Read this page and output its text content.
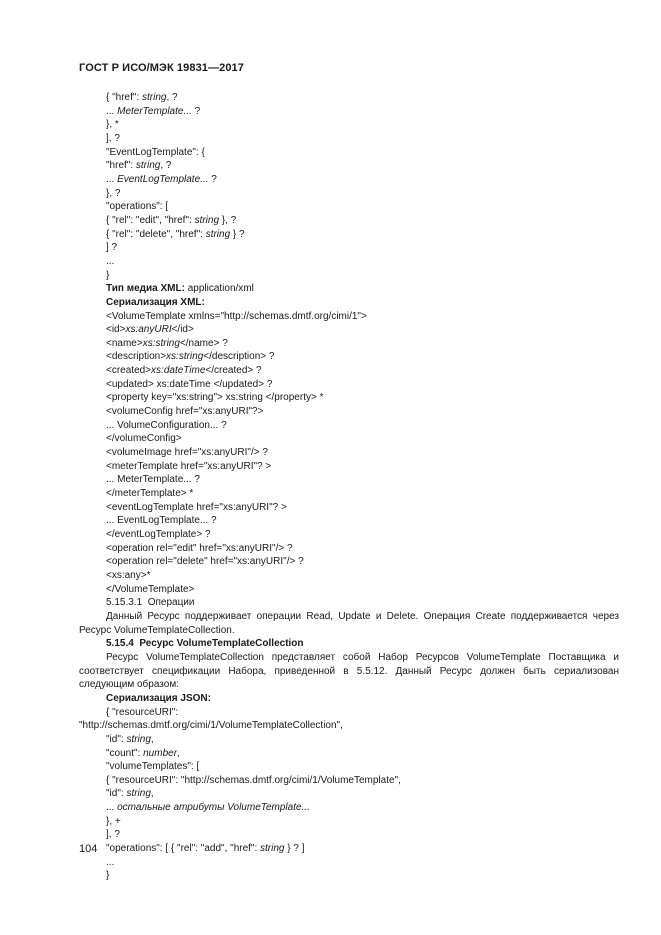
ГОСТ Р ИСО/МЭК 19831—2017
{ "href": string, ?
... MeterTemplate... ?
}, *
], ?
"EventLogTemplate": {
"href": string, ?
... EventLogTemplate... ?
}, ?
"operations": [
{ "rel": "edit", "href": string }, ?
{ "rel": "delete", "href": string } ?
] ?
...
}
Тип медиа XML: application/xml
Сериализация XML:
<VolumeTemplate xmlns="http://schemas.dmtf.org/cimi/1">
<id>xs:anyURI</id>
<name>xs:string</name> ?
<description>xs:string</description> ?
<created>xs:dateTime</created> ?
<updated> xs:dateTime </updated> ?
<property key="xs:string"> xs:string </property> *
<volumeConfig href="xs:anyURI"?>
... VolumeConfiguration... ?
</volumeConfig>
<volumeImage href="xs:anyURI"/> ?
<meterTemplate href="xs:anyURI"? >
... MeterTemplate... ?
</meterTemplate> *
<eventLogTemplate href="xs:anyURI"? >
... EventLogTemplate... ?
</eventLogTemplate> ?
<operation rel="edit" href="xs:anyURI"/> ?
<operation rel="delete" href="xs:anyURI"/> ?
<xs:any>*
</VolumeTemplate>
5.15.3.1  Операции
Данный Ресурс поддерживает операции Read, Update и Delete. Операция Create поддерживается через Ресурс VolumeTemplateCollection.
5.15.4  Ресурс VolumeTemplateCollection
Ресурс VolumeTemplateCollection представляет собой Набор Ресурсов VolumeTemplate Поставщика и соответствует спецификации Набора, приведенной в 5.5.12. Данный Ресурс должен быть сериализован следующим образом:
Сериализация JSON:
{ "resourceURI":
"http://schemas.dmtf.org/cimi/1/VolumeTemplateCollection",
"id": string,
"count": number,
"volumeTemplates": [
{ "resourceURI": "http://schemas.dmtf.org/cimi/1/VolumeTemplate",
"id": string,
... остальные атрибуты VolumeTemplate...
}, +
], ?
"operations": [ { "rel": "add", "href": string } ? ]
...
}
104
